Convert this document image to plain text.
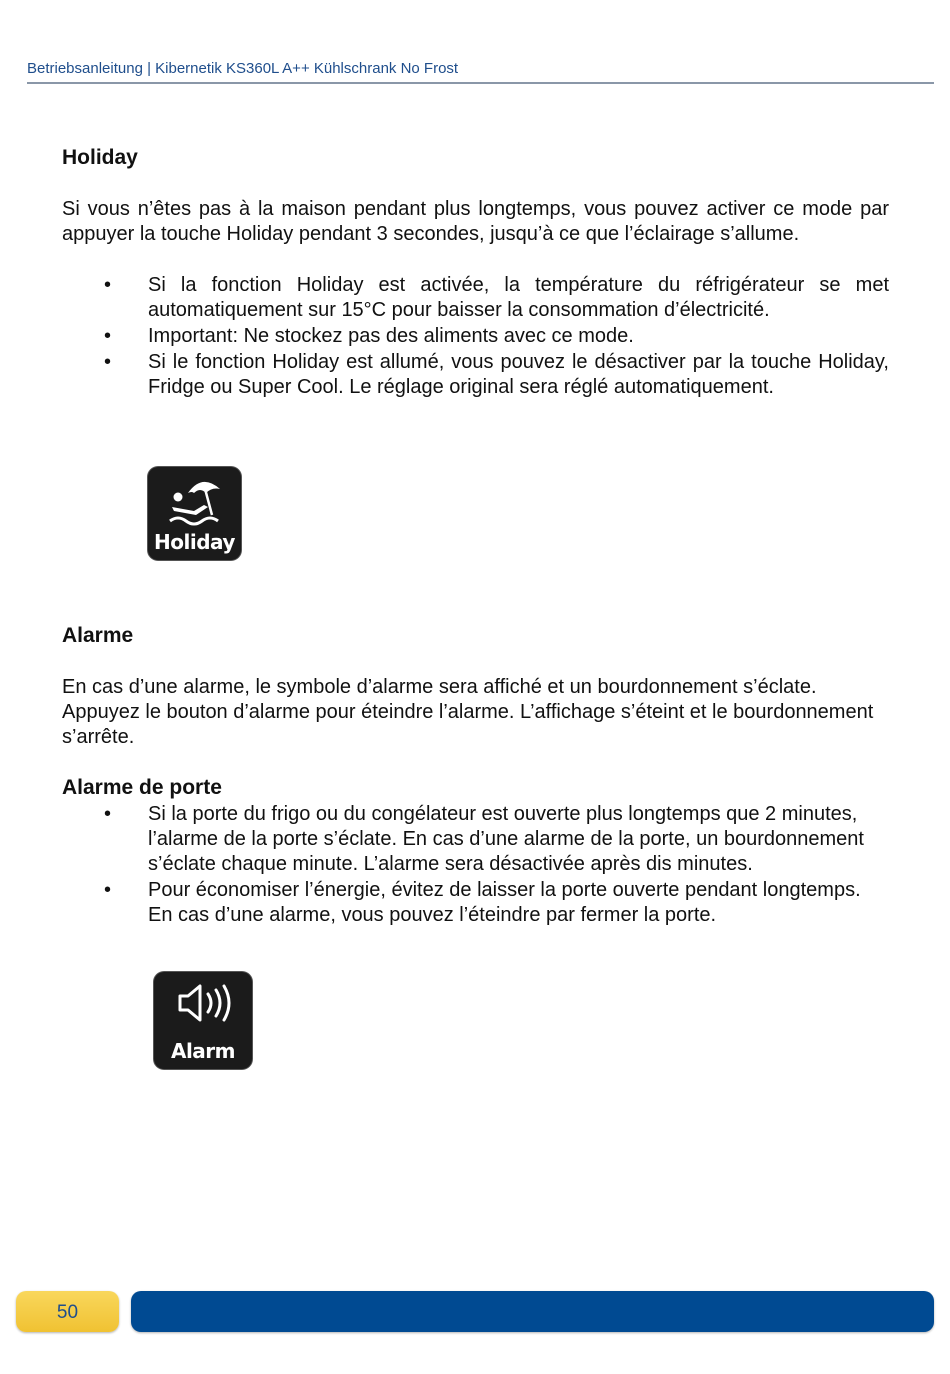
Betriebsanleitung | Kibernetik KS360L A++ Kühlschrank No Frost
Holiday

Si vous n’êtes pas à la maison pendant plus longtemps, vous pouvez activer ce mode par appuyer la touche Holiday pendant 3 secondes, jusqu’à ce que l’éclairage s’allume.

• Si la fonction Holiday est activée, la température du réfrigérateur se met automatiquement sur 15°C pour baisser la consommation d’électricité.
• Important: Ne stockez pas des aliments avec ce mode.
• Si le fonction Holiday est allumé, vous pouvez le désactiver par la touche Holiday, Fridge ou Super Cool. Le réglage original sera réglé automatiquement.
Holiday
Alarme

En cas d’une alarme, le symbole d’alarme sera affiché et un bourdonnement s’éclate. Appuyez le bouton d’alarme pour éteindre l’alarme. L’affichage s’éteint et le bourdonnement s’arrête.

Alarme de porte
• Si la porte du frigo ou du congélateur est ouverte plus longtemps que 2 minutes, l’alarme de la porte s’éclate. En cas d’une alarme de la porte, un bourdonnement s’éclate chaque minute. L’alarme sera désactivée après dis minutes.
• Pour économiser l’énergie, évitez de laisser la porte ouverte pendant longtemps. En cas d’une alarme, vous pouvez l’éteindre par fermer la porte.
Alarm
50
